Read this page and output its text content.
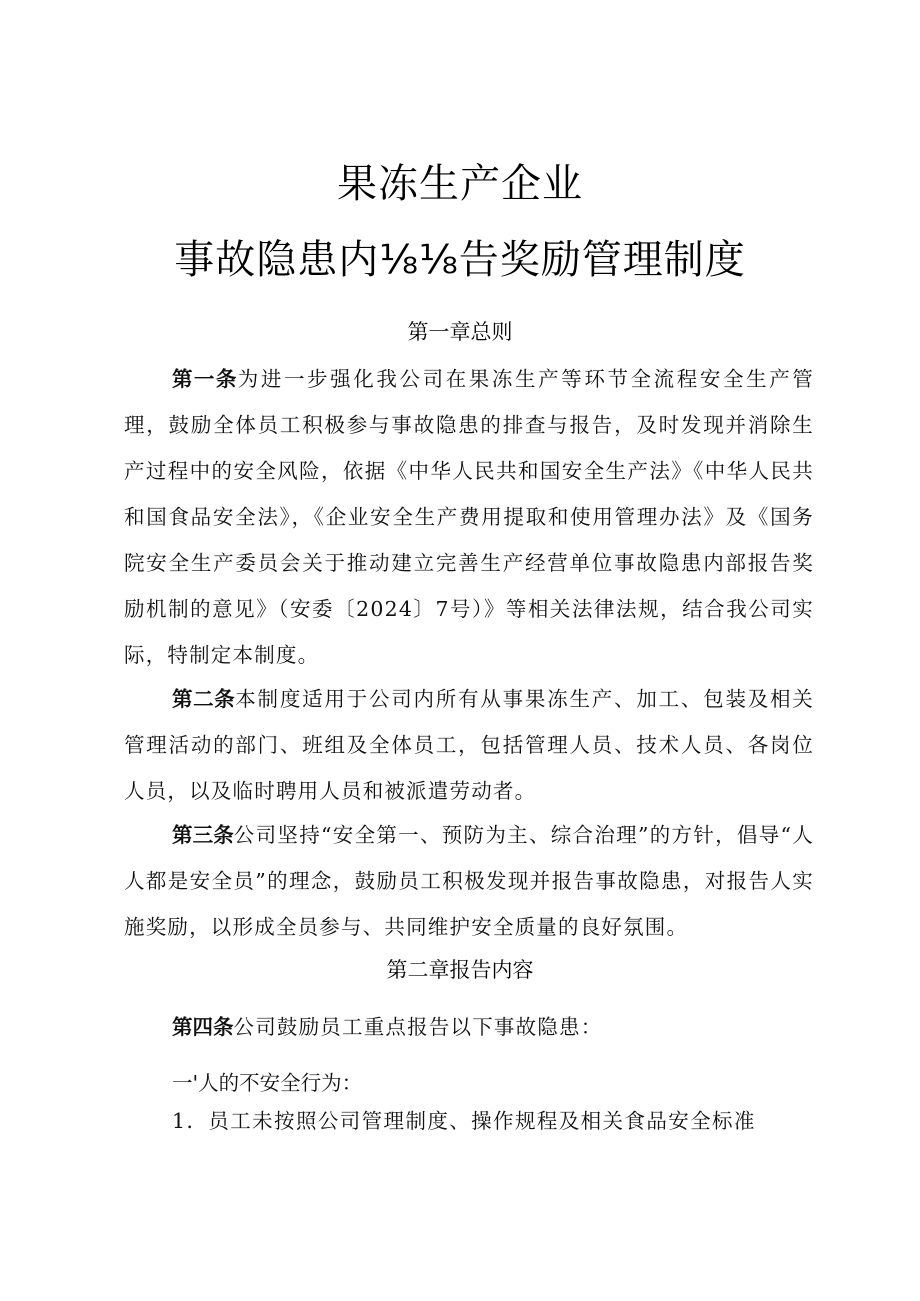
果冻生产企业
事故隐患内⅛⅛告奖励管理制度
第一章总则

第一条为进一步强化我公司在果冻生产等环节全流程安全生产管理，鼓励全体员工积极参与事故隐患的排查与报告，及时发现并消除生产过程中的安全风险，依据《中华人民共和国安全生产法》《中华人民共和国食品安全法》，《企业安全生产费用提取和使用管理办法》及《国务院安全生产委员会关于推动建立完善生产经营单位事故隐患内部报告奖励机制的意见》（安委〔2024〕7号）》等相关法律法规，结合我公司实际，特制定本制度。

第二条本制度适用于公司内所有从事果冻生产、加工、包装及相关管理活动的部门、班组及全体员工，包括管理人员、技术人员、各岗位人员，以及临时聘用人员和被派遣劳动者。

第三条公司坚持“安全第一、预防为主、综合治理”的方针，倡导“人人都是安全员”的理念，鼓励员工积极发现并报告事故隐患，对报告人实施奖励，以形成全员参与、共同维护安全质量的良好氛围。

第二章报告内容

第四条公司鼓励员工重点报告以下事故隐患：

一'人的不安全行为：
1．员工未按照公司管理制度、操作规程及相关食品安全标准
